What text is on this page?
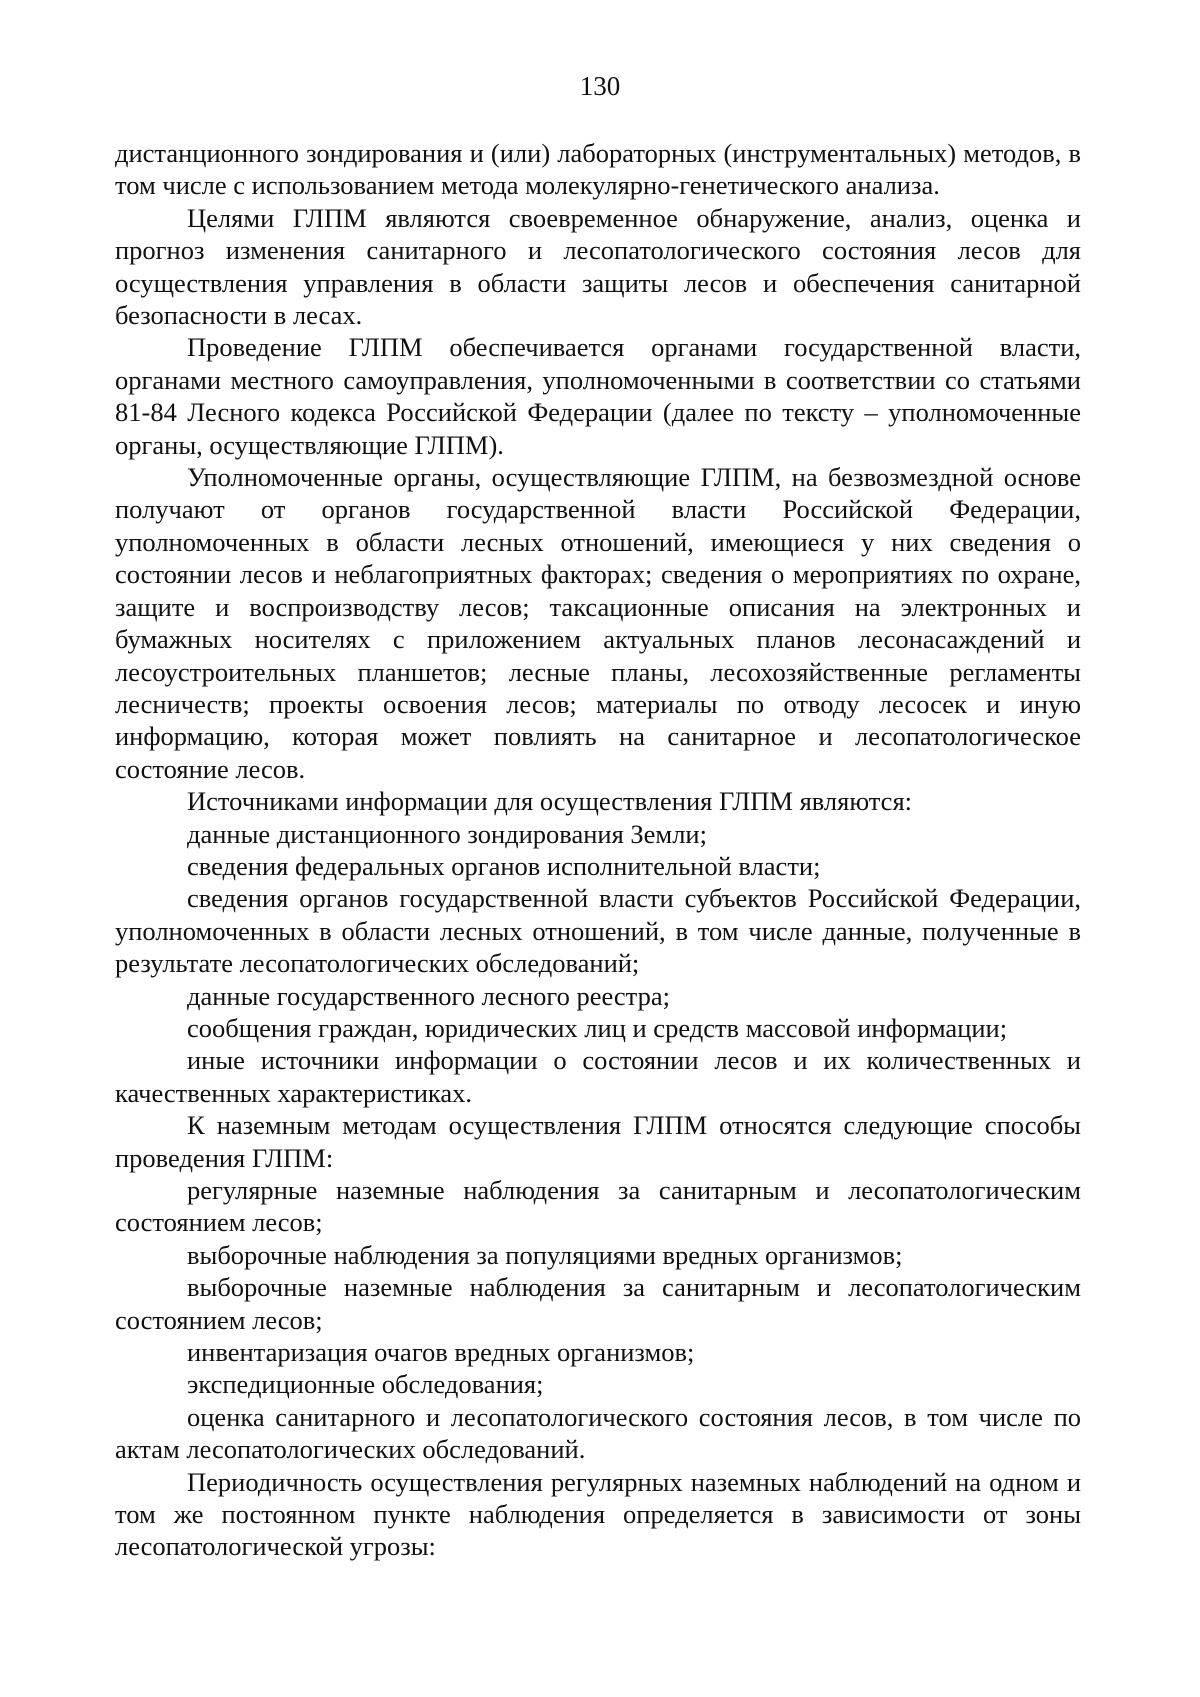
130

дистанционного зондирования и (или) лабораторных (инструментальных) методов, в том числе с использованием метода молекулярно-генетического анализа.

Целями ГЛПМ являются своевременное обнаружение, анализ, оценка и прогноз изменения санитарного и лесопатологического состояния лесов для осуществления управления в области защиты лесов и обеспечения санитарной безопасности в лесах.

Проведение ГЛПМ обеспечивается органами государственной власти, органами местного самоуправления, уполномоченными в соответствии со статьями 81-84 Лесного кодекса Российской Федерации (далее по тексту – уполномоченные органы, осуществляющие ГЛПМ).

Уполномоченные органы, осуществляющие ГЛПМ, на безвозмездной основе получают от органов государственной власти Российской Федерации, уполномоченных в области лесных отношений, имеющиеся у них сведения о состоянии лесов и неблагоприятных факторах; сведения о мероприятиях по охране, защите и воспроизводству лесов; таксационные описания на электронных и бумажных носителях с приложением актуальных планов лесонасаждений и лесоустроительных планшетов; лесные планы, лесохозяйственные регламенты лесничеств; проекты освоения лесов; материалы по отводу лесосек и иную информацию, которая может повлиять на санитарное и лесопатологическое состояние лесов.

Источниками информации для осуществления ГЛПМ являются:

данные дистанционного зондирования Земли;

сведения федеральных органов исполнительной власти;

сведения органов государственной власти субъектов Российской Федерации, уполномоченных в области лесных отношений, в том числе данные, полученные в результате лесопатологических обследований;

данные государственного лесного реестра;

сообщения граждан, юридических лиц и средств массовой информации;

иные источники информации о состоянии лесов и их количественных и качественных характеристиках.

К наземным методам осуществления ГЛПМ относятся следующие способы проведения ГЛПМ:

регулярные наземные наблюдения за санитарным и лесопатологическим состоянием лесов;

выборочные наблюдения за популяциями вредных организмов;

выборочные наземные наблюдения за санитарным и лесопатологическим состоянием лесов;

инвентаризация очагов вредных организмов;

экспедиционные обследования;

оценка санитарного и лесопатологического состояния лесов, в том числе по актам лесопатологических обследований.

Периодичность осуществления регулярных наземных наблюдений на одном и том же постоянном пункте наблюдения определяется в зависимости от зоны лесопатологической угрозы:
